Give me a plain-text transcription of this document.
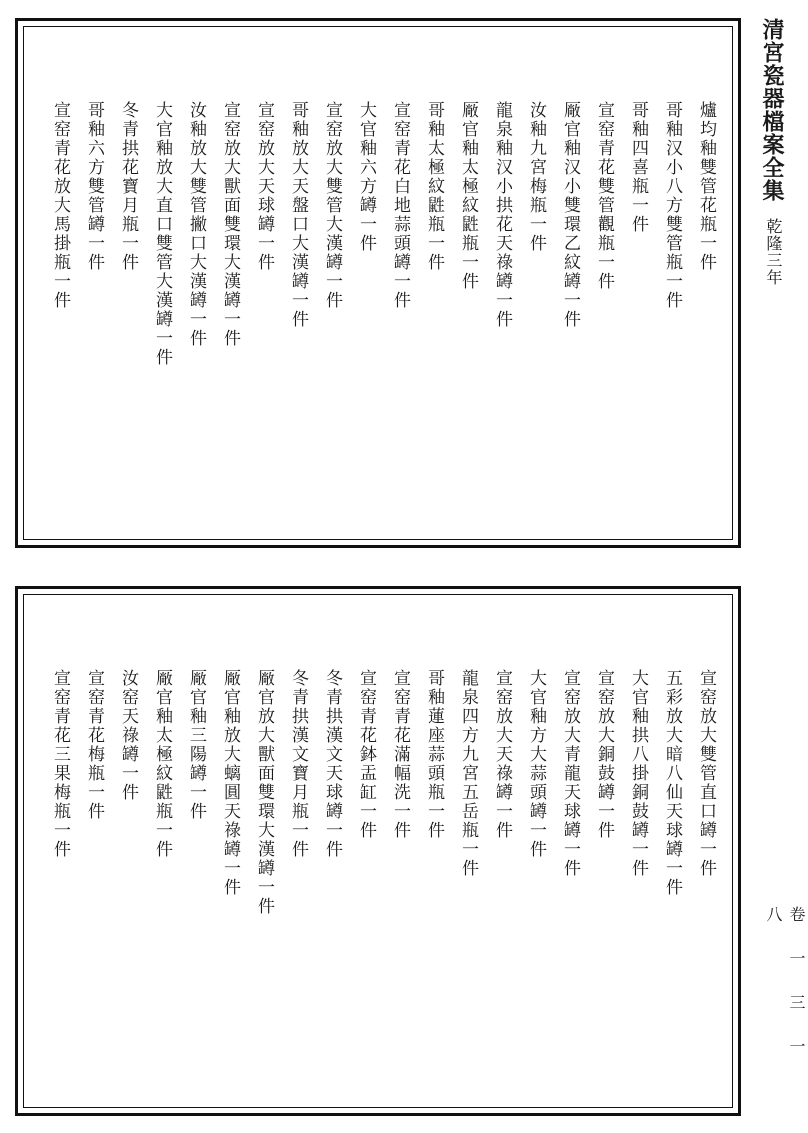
爐均釉雙管花瓶一件
哥釉汉小八方雙管瓶一件
哥釉四喜瓶一件
宣窑青花雙管觀瓶一件
厰官釉汉小雙環乙紋罇一件
汝釉九宮梅瓶一件
龍泉釉汉小拱花天祿罇一件
厰官釉太極紋鼪瓶一件
哥釉太極紋鼪瓶一件
宣窑青花白地蒜頭罇一件
大官釉六方罇一件
宣窑放大雙管大漢罇一件
哥釉放大天盤口大漢罇一件
宣窑放大天球罇一件
宣窑放大獸面雙環大漢罇一件
汝釉放大雙管撇口大漢罇一件
大官釉放大直口雙管大漢罇一件
冬青拱花寶月瓶一件
哥釉六方雙管罇一件
宣窑青花放大馬掛瓶一件
宣窑放大雙管直口罇一件
五彩放大暗八仙天球罇一件
大官釉拱八掛銅鼓罇一件
宣窑放大銅鼓罇一件
宣窑放大青龍天球罇一件
大官釉方大蒜頭罇一件
宣窑放大天祿罇一件
龍泉四方九宮五岳瓶一件
哥釉蓮座蒜頭瓶一件
宣窑青花滿幅洗一件
宣窑青花鉢盂缸一件
冬青拱漢文天球罇一件
冬青拱漢文寶月瓶一件
厰官放大獸面雙環大漢罇一件
厰官釉放大螭圓天祿罇一件
厰官釉三陽罇一件
厰官釉太極紋鼪瓶一件
汝窑天祿罇一件
宣窑青花梅瓶一件
宣窑青花三果梅瓶一件
清宮瓷器檔案全集
乾隆三年
卷一三一八
